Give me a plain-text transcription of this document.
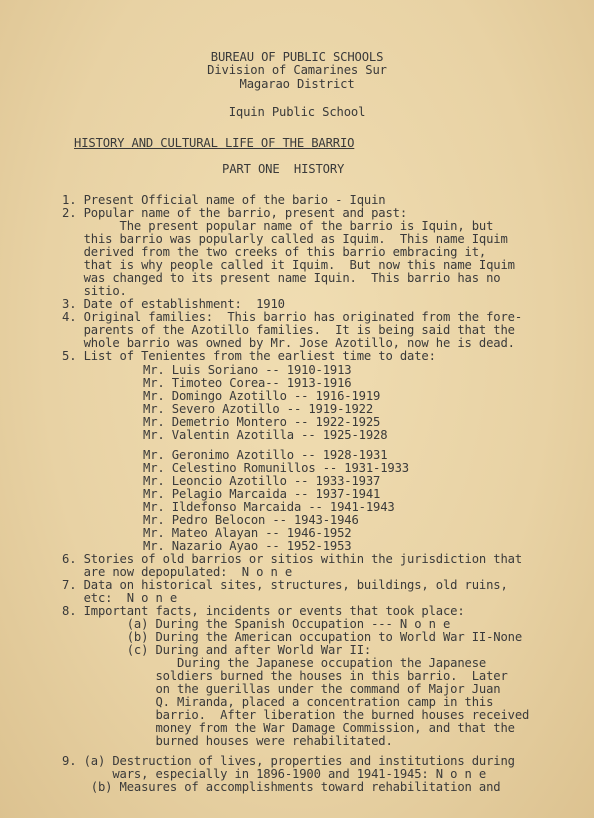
BUREAU OF PUBLIC SCHOOLS
Division of Camarines Sur
Magarao District
Iquin Public School
HISTORY AND CULTURAL LIFE OF THE BARRIO
PART ONE  HISTORY
1. Present Official name of the bario - Iquin
2. Popular name of the barrio, present and past:
The present popular name of the barrio is Iquin, but
this barrio was popularly called as Iquim.  This name Iquim
derived from the two creeks of this barrio embracing it,
that is why people called it Iquim.  But now this name Iquim
was changed to its present name Iquin.  This barrio has no
sitio.
3. Date of establishment:  1910
4. Original families:  This barrio has originated from the fore-
parents of the Azotillo families.  It is being said that the
whole barrio was owned by Mr. Jose Azotillo, now he is dead.
5. List of Tenientes from the earliest time to date:
Mr. Luis Soriano -- 1910-1913
Mr. Timoteo Corea-- 1913-1916
Mr. Domingo Azotillo -- 1916-1919
Mr. Severo Azotillo -- 1919-1922
Mr. Demetrio Montero -- 1922-1925
Mr. Valentin Azotilla -- 1925-1928
Mr. Geronimo Azotillo -- 1928-1931
Mr. Celestino Romunillos -- 1931-1933
Mr. Leoncio Azotillo -- 1933-1937
Mr. Pelagio Marcaida -- 1937-1941
Mr. Ildefonso Marcaida -- 1941-1943
Mr. Pedro Belocon -- 1943-1946
Mr. Mateo Alayan -- 1946-1952
Mr. Nazario Ayao -- 1952-1953
6. Stories of old barrios or sitios within the jurisdiction that
are now depopulated:  N o n e
7. Data on historical sites, structures, buildings, old ruins,
etc:  N o n e
8. Important facts, incidents or events that took place:
(a) During the Spanish Occupation --- N o n e
(b) During the American occupation to World War II-None
(c) During and after World War II:
During the Japanese occupation the Japanese
soldiers burned the houses in this barrio.  Later
on the guerillas under the command of Major Juan
Q. Miranda, placed a concentration camp in this
barrio.  After liberation the burned houses received
money from the War Damage Commission, and that the
burned houses were rehabilitated.
9. (a) Destruction of lives, properties and institutions during
wars, especially in 1896-1900 and 1941-1945: N o n e
(b) Measures of accomplishments toward rehabilitation and
